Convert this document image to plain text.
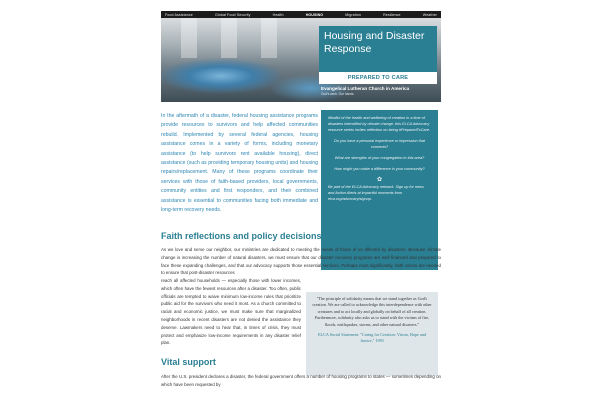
Food Assistance	Global Food Security	Health	HOUSING	Migration	Resilience	Weather
Housing and Disaster Response
PREPARED TO CARE
Evangelical Lutheran Church in America
God's work. Our hands.

In the aftermath of a disaster, federal housing assistance programs provide resources to survivors and help affected communities rebuild. Implemented by several federal agencies, housing assistance comes in a variety of forms, including monetary assistance (to help survivors rent available housing), direct assistance (such as providing temporary housing units) and housing repairs/replacement. Many of these programs coordinate their services with those of faith-based providers, local governments, community entities and first responders, and their combined assistance is essential to communities facing both immediate and long-term recovery needs.

Mindful of the health and wellbeing of creation in a time of disasters intensified by climate change, this ELCA Advocacy resource series invites reflection on being #PreparedToCare.

Do you have a personal experience or impression that connects?

What are strengths of your congregation in this area?

How might you make a difference in your community?

✿

Be part of the ELCA Advocacy network. Sign up for news and Action Alerts at impactful moments from elca.org/advocacy/signup.

Faith reflections and policy decisions

As we love and serve our neighbor, our ministries are dedicated to meeting the needs of those of us affected by disasters. Because climate change is increasing the number of natural disasters, we must ensure that our disaster recovery programs are well financed and prepared to face these expanding challenges, and that our advocacy supports those essential services. Perhaps most significantly, faith voices are needed to ensure that post-disaster resources

reach all affected households — especially those with lower incomes, which often have the fewest resources after a disaster. Too often, public officials are tempted to waive minimum low-income rules that prioritize public aid for the survivors who need it most. As a church committed to racial and economic justice, we must make sure that marginalized neighborhoods in recent disasters are not denied the assistance they deserve. Lawmakers need to hear that, in times of crisis, they must protect and emphasize low-income requirements in any disaster relief plan.

"The principle of solidarity means that we stand together as God's creation. We are called to acknowledge this interdependence with other creatures and to act locally and globally on behalf of all creation. Furthermore, solidarity also asks us to stand with the victims of fire, floods, earthquakes, storms, and other natural disasters."
ELCA Social Statement: "Caring for Creation: Vision, Hope and Justice," 1993
Vital support

After the U.S. president declares a disaster, the federal government offers a number of housing programs to states — sometimes depending on which have been requested by
